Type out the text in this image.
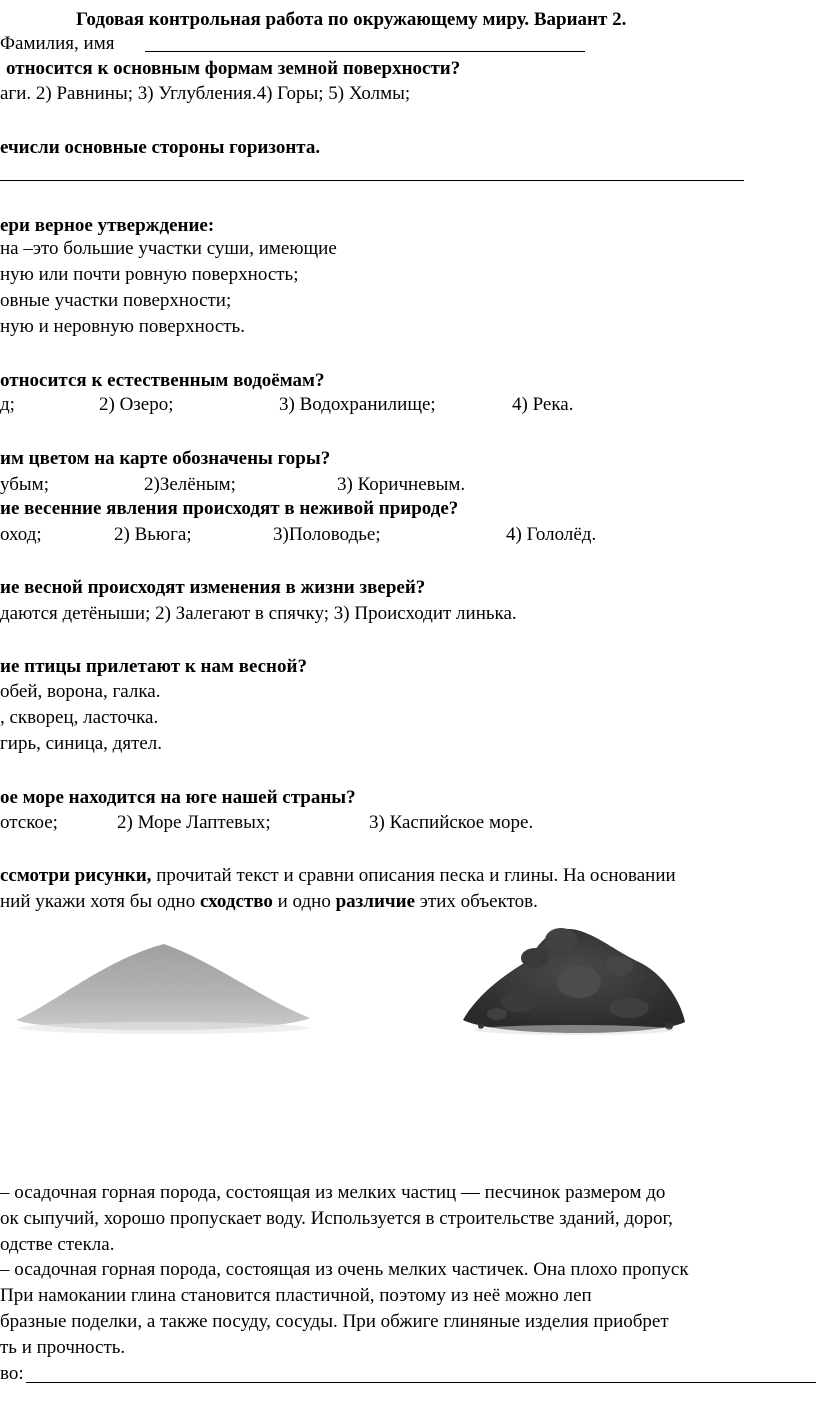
Годовая контрольная работа по окружающему миру. Вариант 2.
Фамилия, имя
относится к основным формам земной поверхности?
аги. 2) Равнины; 3) Углубления.4) Горы; 5) Холмы;
ечисли основные стороны горизонта.
ери верное утверждение:
на –это большие участки суши, имеющие
ную или почти ровную поверхность;
овные участки поверхности;
ную и неровную поверхность.
относится к естественным водоёмам?
д;	2) Озеро;	3) Водохранилище;	4) Река.
им цветом на карте обозначены горы?
убым;	2)Зелёным;	3) Коричневым.
ие весенние явления происходят в неживой природе?
оход;	2) Вьюга;	3)Половодье;	4) Гололёд.
ие весной происходят изменения в жизни зверей?
даются детёныши; 2) Залегают в спячку; 3) Происходит линька.
ие птицы прилетают к нам весной?
обей, ворона, галка.
, скворец, ласточка.
гирь, синица, дятел.
ое море находится на юге нашей страны?
отское;	2) Море Лаптевых;	3) Каспийское море.
ссмотри рисунки, прочитай текст и сравни описания песка и глины. На основании
ний укажи хотя бы одно сходство и одно различие этих объектов.
– осадочная горная порода, состоящая из мелких частиц — песчинок размером до
ок сыпучий, хорошо пропускает воду. Используется в строительстве зданий, дорог,
одстве стекла.
– осадочная горная порода, состоящая из очень мелких частичек. Она плохо пропуск
При намокании глина становится пластичной, поэтому из неё можно леп
бразные поделки, а также посуду, сосуды. При обжиге глиняные изделия приобрет
ть и прочность.
во:
